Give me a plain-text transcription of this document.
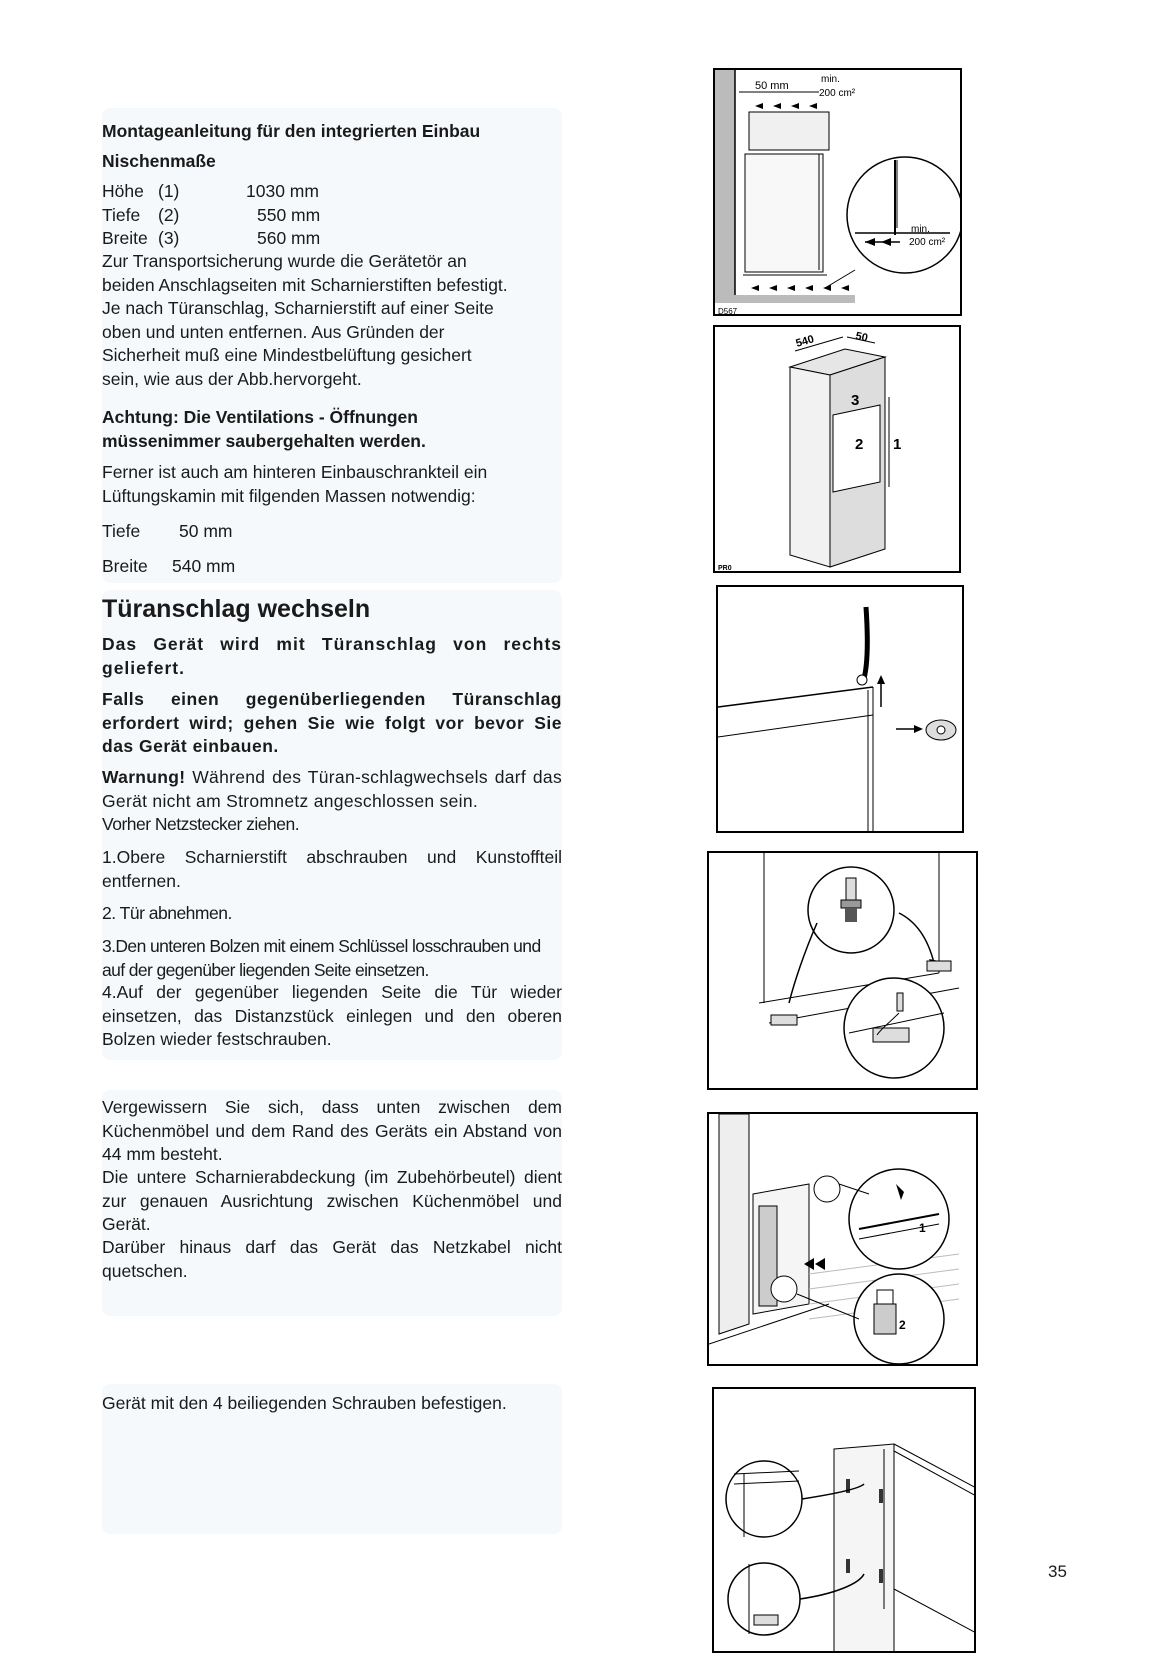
Montageanleitung für den integrierten Einbau

Nischenmaße

Höhe (1)	1030 mm
Tiefe	(2)	550 mm
Breite (3)	560 mm

Zur Transportsicherung wurde die Gerätetör an

beiden Anschlagseiten mit Scharnierstiften befestigt.

Je nach Türanschlag, Scharnierstift auf einer Seite

oben und unten entfernen. Aus Gründen der

Sicherheit muß eine Mindestbelüftung gesichert

sein, wie aus der Abb.hervorgeht.

Achtung: Die Ventilations - Öffnungen

müssenimmer saubergehalten werden.

Ferner ist auch am hinteren Einbauschrankteil ein

Lüftungskamin mit filgenden Massen notwendig:

Tiefe	50 mm
Breite	540 mm

Türanschlag wechseln

Das Gerät wird mit Türanschlag von rechts geliefert.

Falls einen gegenüberliegenden Türanschlag erfordert wird; gehen Sie wie folgt vor bevor Sie das Gerät einbauen.

Warnung! Während des Türan-schlagwechsels darf das Gerät nicht am Stromnetz angeschlossen sein.

Vorher Netzstecker ziehen.

1.Obere Scharnierstift abschrauben und Kunstoffteil entfernen.

2. Tür abnehmen.

3.Den unteren Bolzen mit einem Schlüssel losschrauben und auf der gegenüber liegenden Seite einsetzen.

4.Auf der gegenüber liegenden Seite die Tür wieder einsetzen, das Distanzstück einlegen und den oberen Bolzen wieder festschrauben.

Vergewissern Sie sich, dass unten zwischen dem Küchenmöbel und dem Rand des Geräts ein Abstand von 44 mm besteht.

Die untere Scharnierabdeckung (im Zubehörbeutel) dient zur genauen Ausrichtung zwischen Küchenmöbel und Gerät.

Darüber hinaus darf das Gerät das Netzkabel nicht quetschen.

Gerät mit den 4 beiliegenden Schrauben befestigen.

50 mm
min.
200 cm²
min.
200 cm²
D567
540	50
3
2 1
PR0
1
2
35
